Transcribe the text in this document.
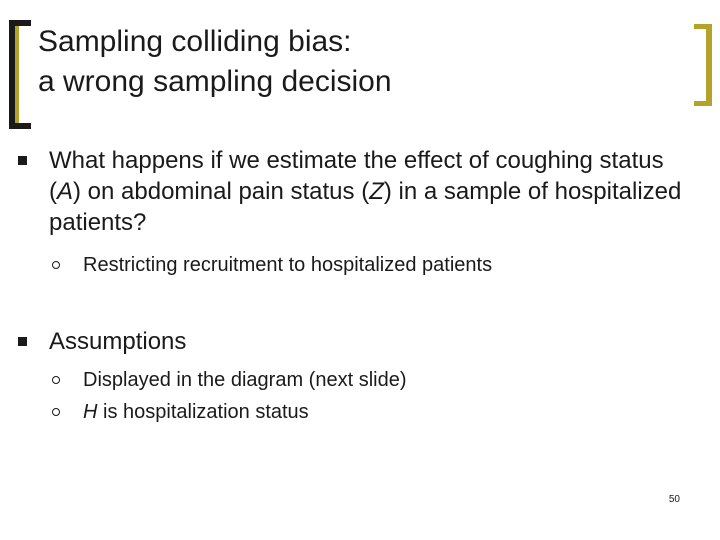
Sampling colliding bias:
a wrong sampling decision
What happens if we estimate the effect of coughing status (A) on abdominal pain status (Z) in a sample of hospitalized patients?
Restricting recruitment to hospitalized patients
Assumptions
Displayed in the diagram (next slide)
H is hospitalization status
50
